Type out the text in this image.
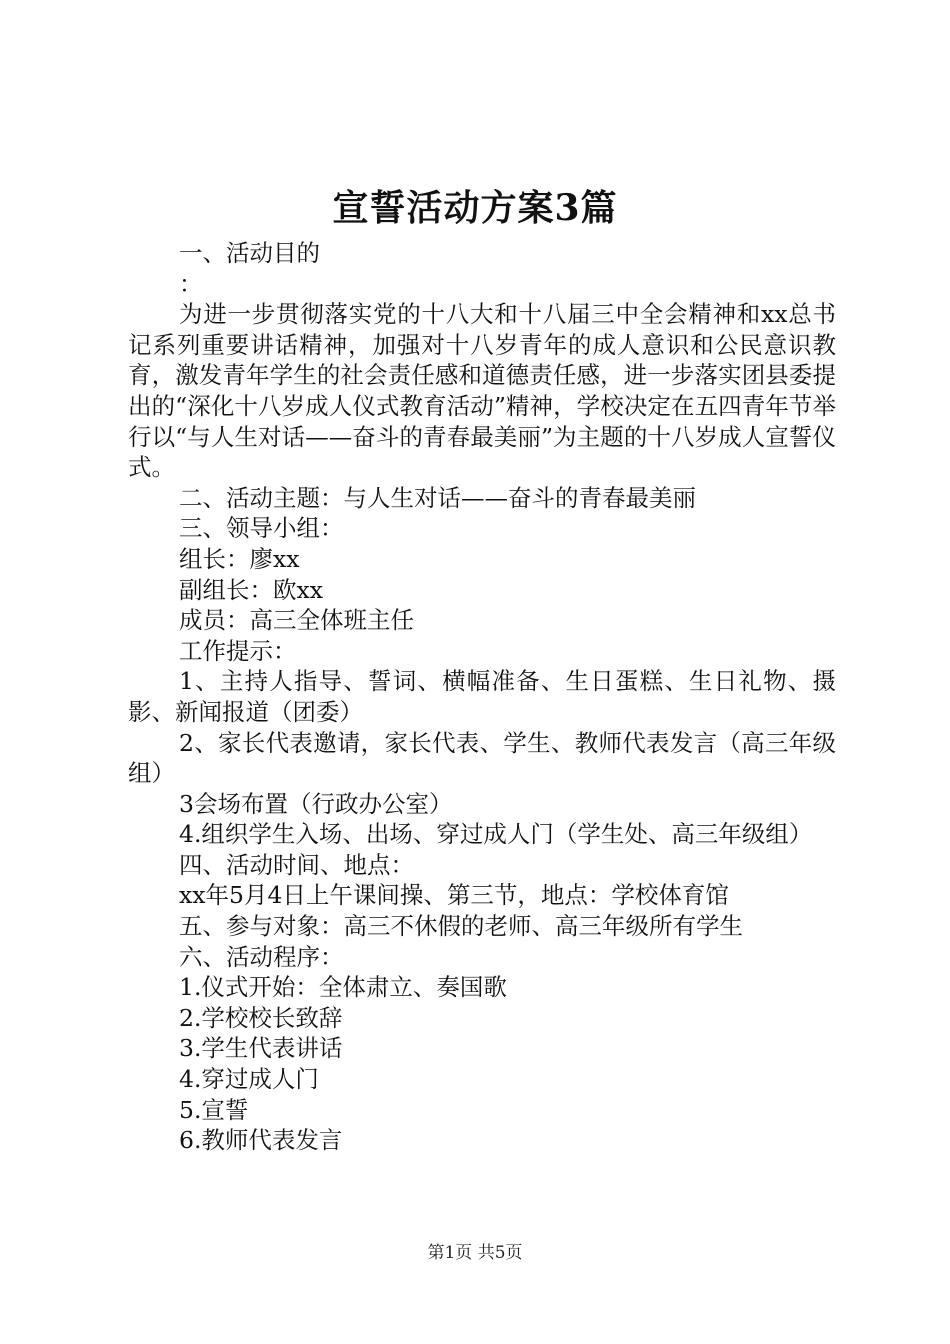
宣誓活动方案3篇

一、活动目的

：

为进一步贯彻落实党的十八大和十八届三中全会精神和xx总书记系列重要讲话精神，加强对十八岁青年的成人意识和公民意识教育，激发青年学生的社会责任感和道德责任感，进一步落实团县委提出的“深化十八岁成人仪式教育活动”精神，学校决定在五四青年节举行以“与人生对话——奋斗的青春最美丽”为主题的十八岁成人宣誓仪式。

二、活动主题：与人生对话——奋斗的青春最美丽

三、领导小组：

组长：廖xx

副组长：欧xx

成员：高三全体班主任

工作提示：

1、主持人指导、誓词、横幅准备、生日蛋糕、生日礼物、摄影、新闻报道（团委）

2、家长代表邀请，家长代表、学生、教师代表发言（高三年级组）

3会场布置（行政办公室）

4.组织学生入场、出场、穿过成人门（学生处、高三年级组）

四、活动时间、地点：

xx年5月4日上午课间操、第三节，地点：学校体育馆

五、参与对象：高三不休假的老师、高三年级所有学生

六、活动程序：

1.仪式开始：全体肃立、奏国歌

2.学校校长致辞

3.学生代表讲话

4.穿过成人门

5.宣誓

6.教师代表发言

第1页 共5页
